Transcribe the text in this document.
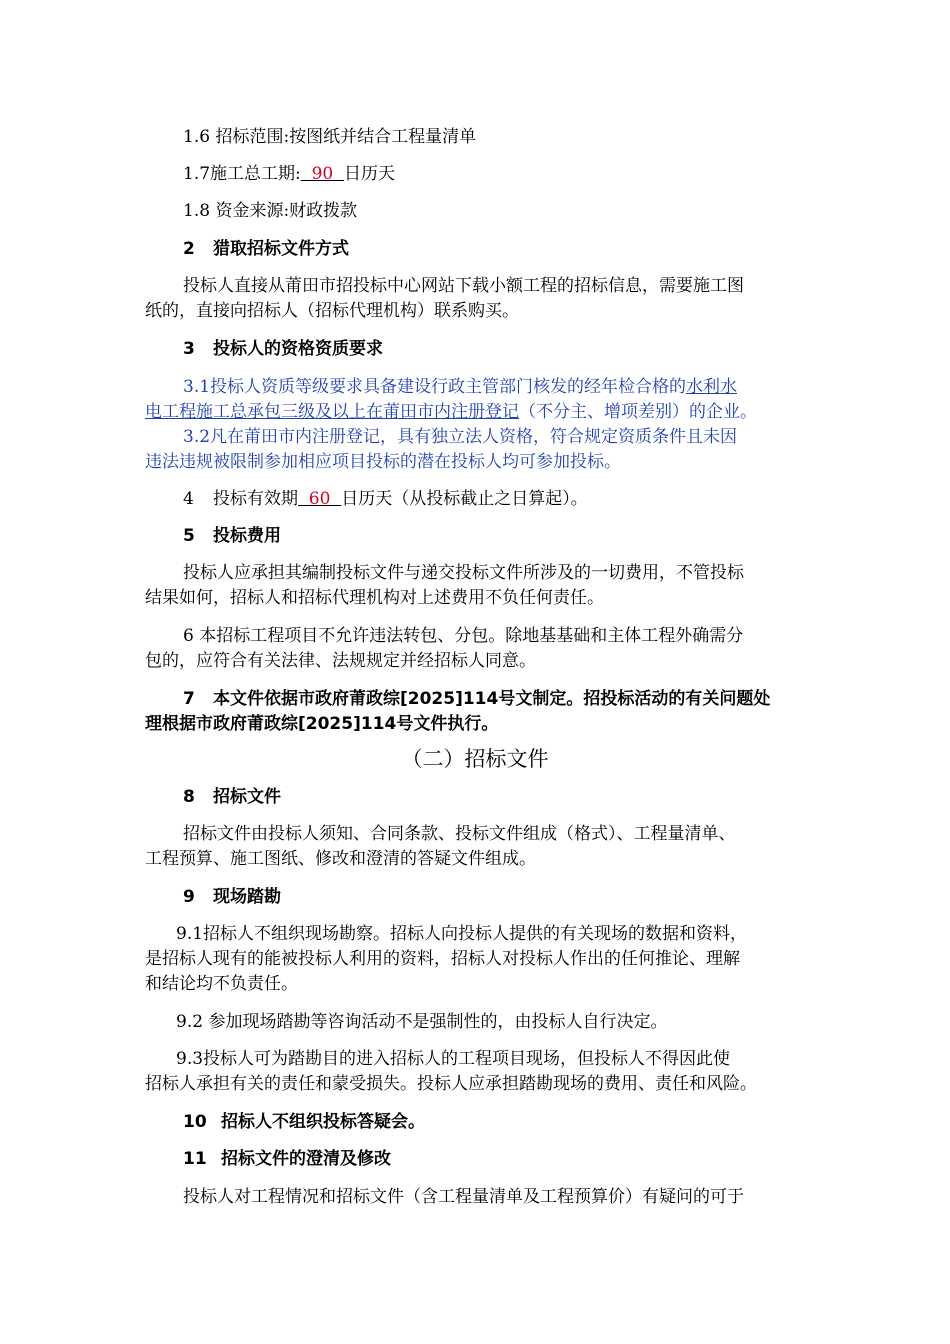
1.6 招标范围:按图纸并结合工程量清单
1.7施工总工期:  90  日历天
1.8 资金来源:财政拨款
2 猎取招标文件方式
投标人直接从莆田市招投标中心网站下载小额工程的招标信息，需要施工图
纸的，直接向招标人（招标代理机构）联系购买。
3 投标人的资格资质要求
3.1投标人资质等级要求具备建设行政主管部门核发的经年检合格的水利水
电工程施工总承包三级及以上在莆田市内注册登记（不分主、增项差别）的企业。
3.2凡在莆田市内注册登记，具有独立法人资格，符合规定资质条件且未因
违法违规被限制参加相应项目投标的潜在投标人均可参加投标。
4 投标有效期  60  日历天（从投标截止之日算起）。
5 投标费用
投标人应承担其编制投标文件与递交投标文件所涉及的一切费用，不管投标
结果如何，招标人和招标代理机构对上述费用不负任何责任。
6 本招标工程项目不允许违法转包、分包。除地基基础和主体工程外确需分
包的，应符合有关法律、法规规定并经招标人同意。
7 本文件依据市政府莆政综[2025]114号文制定。招投标活动的有关问题处
理根据市政府莆政综[2025]114号文件执行。
（二）招标文件
8 招标文件
招标文件由投标人须知、合同条款、投标文件组成（格式）、工程量清单、
工程预算、施工图纸、修改和澄清的答疑文件组成。
9 现场踏勘
9.1招标人不组织现场勘察。招标人向投标人提供的有关现场的数据和资料，
是招标人现有的能被投标人利用的资料，招标人对投标人作出的任何推论、理解
和结论均不负责任。
9.2 参加现场踏勘等咨询活动不是强制性的，由投标人自行决定。
9.3投标人可为踏勘目的进入招标人的工程项目现场，但投标人不得因此使
招标人承担有关的责任和蒙受损失。投标人应承担踏勘现场的费用、责任和风险。
10 招标人不组织投标答疑会。
11 招标文件的澄清及修改
投标人对工程情况和招标文件（含工程量清单及工程预算价）有疑问的可于
